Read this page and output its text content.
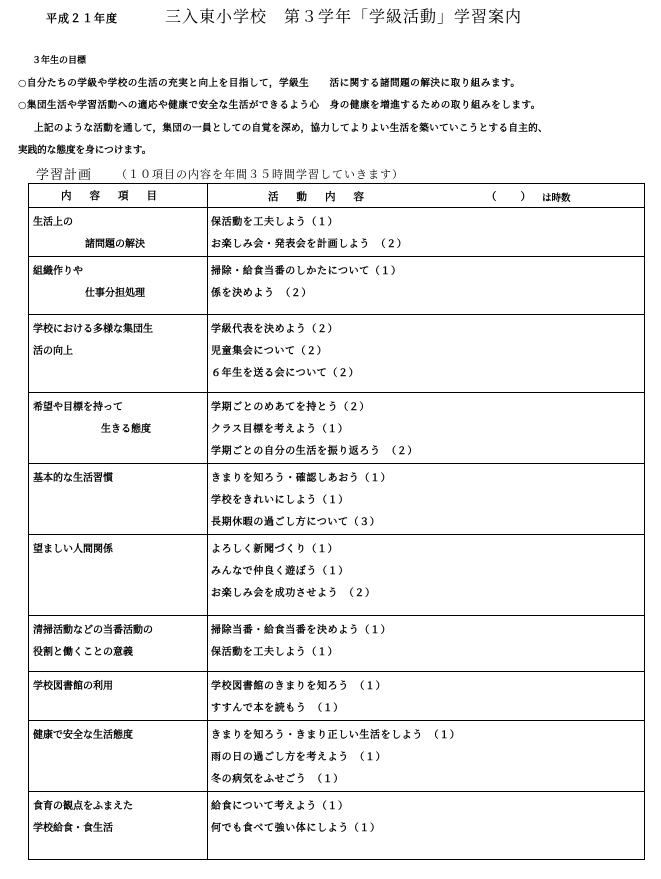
平成２１年度	三入東小学校　第３学年「学級活動」学習案内
３年生の目標
○自分たちの学級や学校の生活の充実と向上を目指して，学級生　　活に関する諸問題の解決に取り組みます。
○集団生活や学習活動への適応や健康で安全な生活ができるよう心　身の健康を増進するための取り組みをします。
上記のような活動を通して，集団の一員としての自覚を深め，協力してよりよい生活を築いていこうとする自主的、
実践的な態度を身につけます。
学習計画 （１０項目の内容を年間３５時間学習していきます）
内容項目	活動内容 （　　） は時数

生活上の
諸問題の解決	保活動を工夫しよう（１）
お楽しみ会・発表会を計画しよう　（２）

組織作りや
仕事分担処理	掃除・給食当番のしかたについて（１）
係を決めよう　（２）

学校における多様な集団生
活の向上	学級代表を決めよう（２）
児童集会について（２）
６年生を送る会について（２）

希望や目標を持って
生きる態度	学期ごとのめあてを持とう（２）
クラス目標を考えよう（１）
学期ごとの自分の生活を振り返ろう　（２）

基本的な生活習慣	きまりを知ろう・確認しあおう（１）
学校をきれいにしよう（１）
長期休暇の過ごし方について（３）

望ましい人間関係	よろしく新聞づくり（１）
みんなで仲良く遊ぼう（１）
お楽しみ会を成功させよう　（２）

清掃活動などの当番活動の
役割と働くことの意義	掃除当番・給食当番を決めよう（１）
保活動を工夫しよう（１）

学校図書館の利用	学校図書館のきまりを知ろう　（１）
すすんで本を読もう　（１）

健康で安全な生活態度	きまりを知ろう・きまり正しい生活をしよう　（１）
雨の日の過ごし方を考えよう　（１）
冬の病気をふせごう　（１）

食育の観点をふまえた
学校給食・食生活	給食について考えよう（１）
何でも食べて強い体にしよう（１）
